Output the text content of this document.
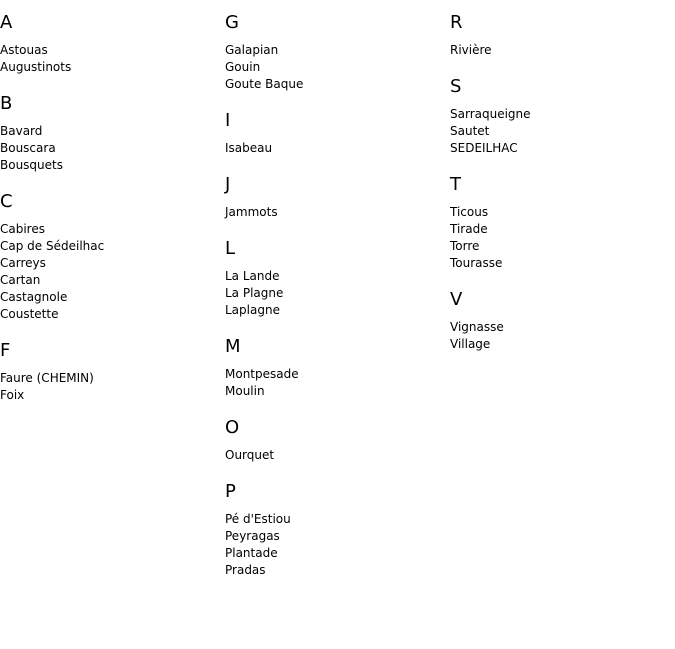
A
Astouas
Augustinots
B
Bavard
Bouscara
Bousquets
C
Cabires
Cap de Sédeilhac
Carreys
Cartan
Castagnole
Coustette
F
Faure (CHEMIN)
Foix
G
Galapian
Gouin
Goute Baque
I
Isabeau
J
Jammots
L
La Lande
La Plagne
Laplagne
M
Montpesade
Moulin
O
Ourquet
P
Pé d'Estiou
Peyragas
Plantade
Pradas
R
Rivière
S
Sarraqueigne
Sautet
SEDEILHAC
T
Ticous
Tirade
Torre
Tourasse
V
Vignasse
Village
